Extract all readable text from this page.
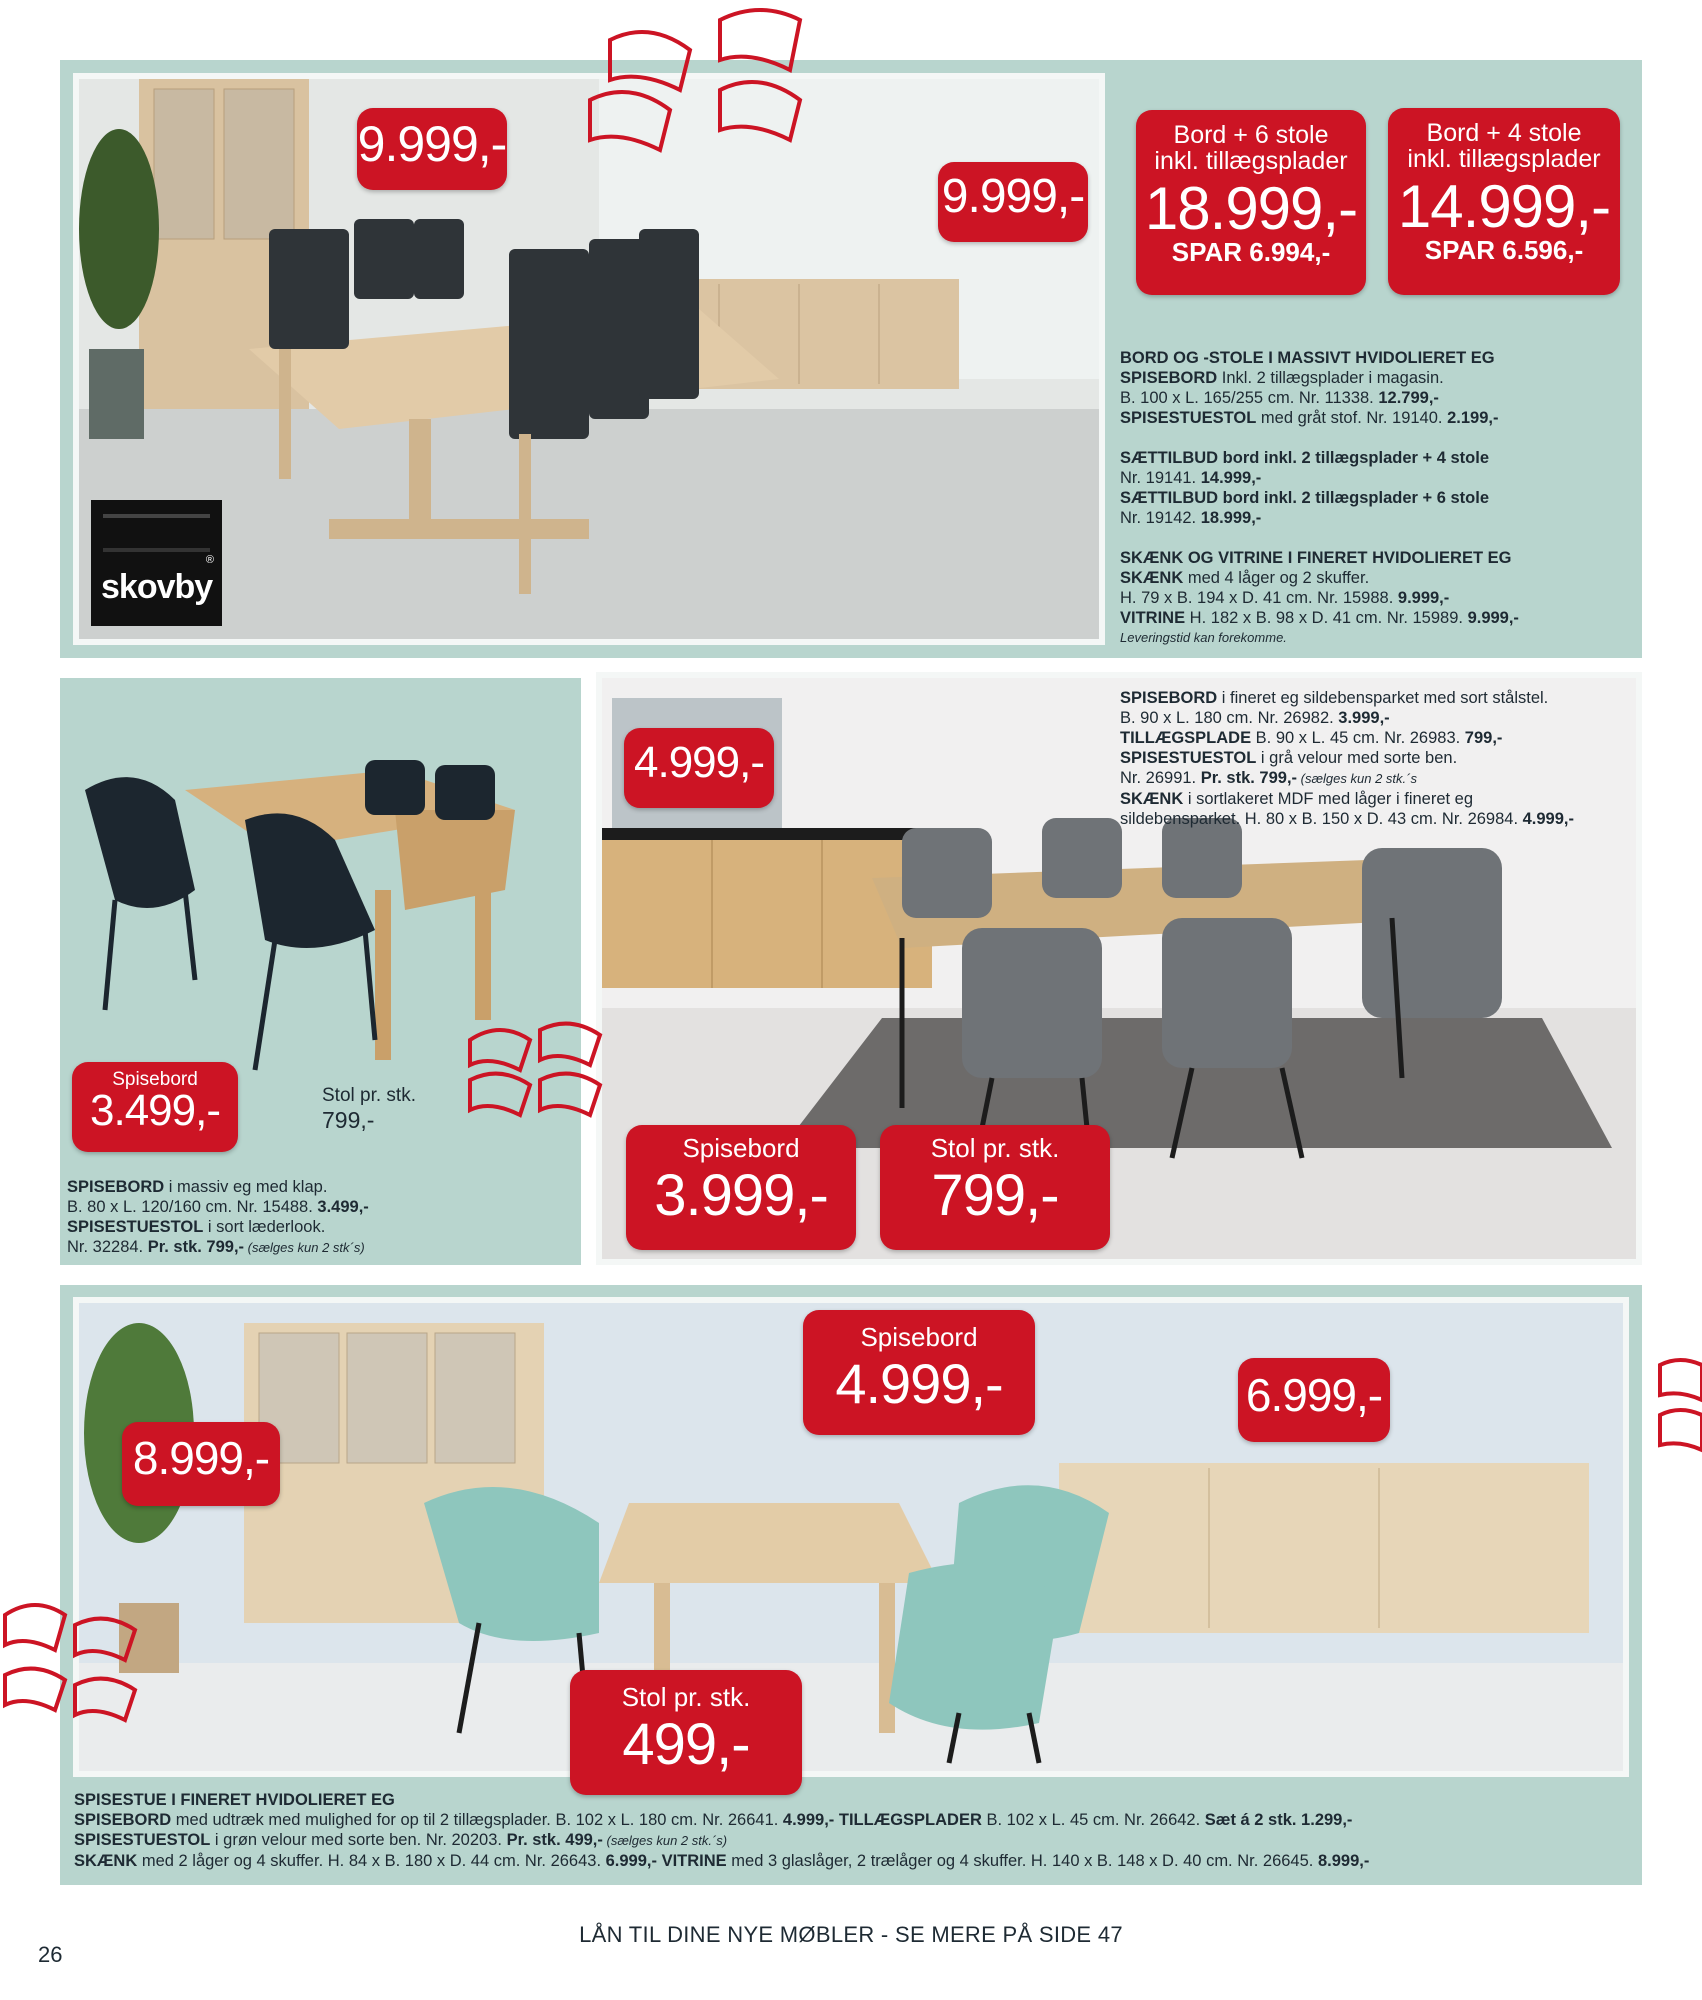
®
skovby
9.999,-
9.999,-
Bord + 6 stole
inkl. tillægsplader
18.999,-
SPAR 6.994,-
Bord + 4 stole
inkl. tillægsplader
14.999,-
SPAR 6.596,-
BORD OG -STOLE I MASSIVT HVIDOLIERET EG
SPISEBORD Inkl. 2 tillægsplader i magasin.
B. 100 x L. 165/255 cm. Nr. 11338. 12.799,-
SPISESTUESTOL med gråt stof. Nr. 19140. 2.199,-
SÆTTILBUD bord inkl. 2 tillægsplader + 4 stole
Nr. 19141. 14.999,-
SÆTTILBUD bord inkl. 2 tillægsplader + 6 stole
Nr. 19142. 18.999,-
SKÆNK OG VITRINE I FINERET HVIDOLIERET EG
SKÆNK med 4 låger og 2 skuffer.
H. 79 x B. 194 x D. 41 cm. Nr. 15988. 9.999,-
VITRINE H. 182 x B. 98 x D. 41 cm. Nr. 15989. 9.999,-
Leveringstid kan forekomme.
Spisebord
3.499,-	Stol pr. stk.
799,-
SPISEBORD i massiv eg med klap.
B. 80 x L. 120/160 cm. Nr. 15488. 3.499,-
SPISESTUESTOL i sort læderlook.
Nr. 32284. Pr. stk. 799,- (sælges kun 2 stk´s)
4.999,-
Spisebord
3.999,-
Stol pr. stk.
799,-
SPISEBORD i fineret eg sildebensparket med sort stålstel.
B. 90 x L. 180 cm. Nr. 26982. 3.999,-
TILLÆGSPLADE B. 90 x L. 45 cm. Nr. 26983. 799,-
SPISESTUESTOL i grå velour med sorte ben.
Nr. 26991. Pr. stk. 799,- (sælges kun 2 stk.´s
SKÆNK i sortlakeret MDF med låger i fineret eg
sildebensparket. H. 80 x B. 150 x D. 43 cm. Nr. 26984. 4.999,-
8.999,-
Spisebord
4.999,-	6.999,-
Stol pr. stk.
499,-
SPISESTUE I FINERET HVIDOLIERET EG
SPISEBORD med udtræk med mulighed for op til 2 tillægsplader. B. 102 x L. 180 cm. Nr. 26641. 4.999,- TILLÆGSPLADER B. 102 x L. 45 cm. Nr. 26642. Sæt á 2 stk. 1.299,-
SPISESTUESTOL i grøn velour med sorte ben. Nr. 20203. Pr. stk. 499,- (sælges kun 2 stk.´s)
SKÆNK med 2 låger og 4 skuffer. H. 84 x B. 180 x D. 44 cm. Nr. 26643. 6.999,- VITRINE med 3 glaslåger, 2 trælåger og 4 skuffer. H. 140 x B. 148 x D. 40 cm. Nr. 26645. 8.999,-
LÅN TIL DINE NYE MØBLER - SE MERE PÅ SIDE 47
26
